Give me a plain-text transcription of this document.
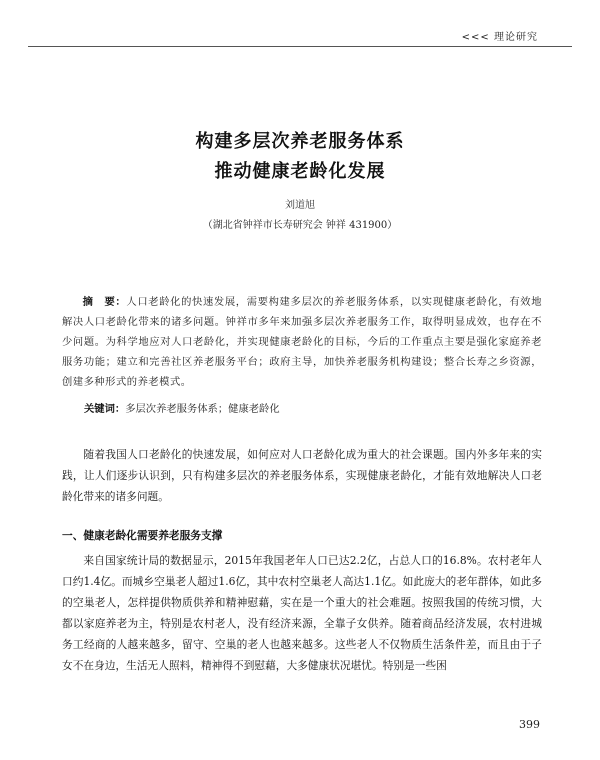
<<< 理论研究
构建多层次养老服务体系
推动健康老龄化发展
刘道旭
（湖北省钟祥市长寿研究会 钟祥 431900）

摘　要：人口老龄化的快速发展，需要构建多层次的养老服务体系，以实现健康老龄化，有效地解决人口老龄化带来的诸多问题。钟祥市多年来加强多层次养老服务工作，取得明显成效，也存在不少问题。为科学地应对人口老龄化，并实现健康老龄化的目标，今后的工作重点主要是强化家庭养老服务功能；建立和完善社区养老服务平台；政府主导，加快养老服务机构建设；整合长寿之乡资源，创建多种形式的养老模式。

关键词：多层次养老服务体系；健康老龄化

随着我国人口老龄化的快速发展，如何应对人口老龄化成为重大的社会课题。国内外多年来的实践，让人们逐步认识到，只有构建多层次的养老服务体系，实现健康老龄化，才能有效地解决人口老龄化带来的诸多问题。

一、健康老龄化需要养老服务支撑

来自国家统计局的数据显示，2015年我国老年人口已达2.2亿，占总人口的16.8%。农村老年人口约1.4亿。而城乡空巢老人超过1.6亿，其中农村空巢老人高达1.1亿。如此庞大的老年群体，如此多的空巢老人，怎样提供物质供养和精神慰藉，实在是一个重大的社会难题。按照我国的传统习惯，大都以家庭养老为主，特别是农村老人，没有经济来源，全靠子女供养。随着商品经济发展，农村进城务工经商的人越来越多，留守、空巢的老人也越来越多。这些老人不仅物质生活条件差，而且由于子女不在身边，生活无人照料，精神得不到慰藉，大多健康状况堪忧。特别是一些困

399
